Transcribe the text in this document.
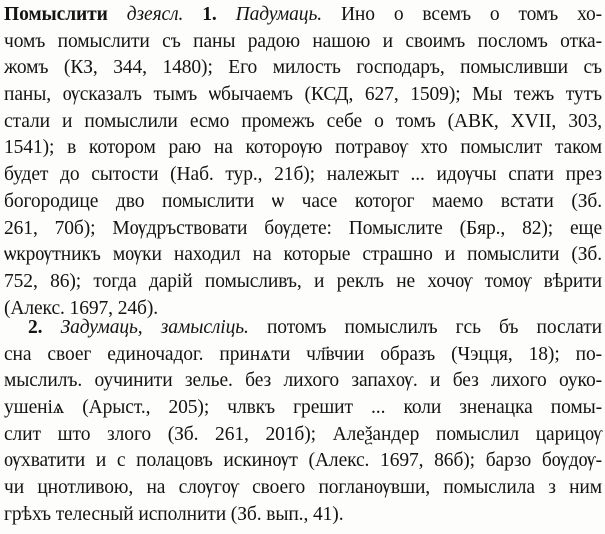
Помыслити дзеясл. 1. Падумаць. Ино о всемъ о томъ хо-
чомъ помыслити съ паны радою нашою и своимъ посломъ отка-
жомъ (КЗ, 344, 1480); Его милость господаръ, помысливши съ
паны, ѹсказалъ тымъ ѡбычаемъ (КСД, 627, 1509); Мы тежъ тутъ
стали и помыслили есмо промежъ себе о томъ (АВК, XVII, 303,
1541); в котором раю на которѹю потравѹ хто помыслит таком
будет до сытости (Наб. тур., 21б); належыт ... идѹчы спати през
богородице дво помыслити ѡ часе котоɼог маемо встати (Зб.
261, 70б); Мѹдръствовати бѹдете: Помыслите (Бяр., 82); еще
ѡкрѹтникъ мѹки находил на которые страшно и помыслити (Зб.
752, 86); тогда дарій помысливъ, и реклъ не хочѹ томѹ вѣрити
(Алекс. 1697, 24б).
2. Задумаць, замысліць. потомъ помыслилъ гсь бъ послати
сна своег единочадог. принѧти чл҃вчии образъ (Чэцця, 18); по-
мыслилъ. оучинити зелье. без лихого запахѹ. и без лихого оуко-
ушеніѧ (Арыст., 205); члвкъ грешит ... коли зненацка помы-
слит што злого (Зб. 261, 201б); Алеѯандер помыслил царицѹ
ѹхватити и с полацовъ искинѹт (Алекс. 1697, 86б); барзо бѹдѹ-
чи цнотливою, на слѹгѹ своего погланѹвши, помыслила з ним
грѣхъ телесный исполнити (Зб. вып., 41).
